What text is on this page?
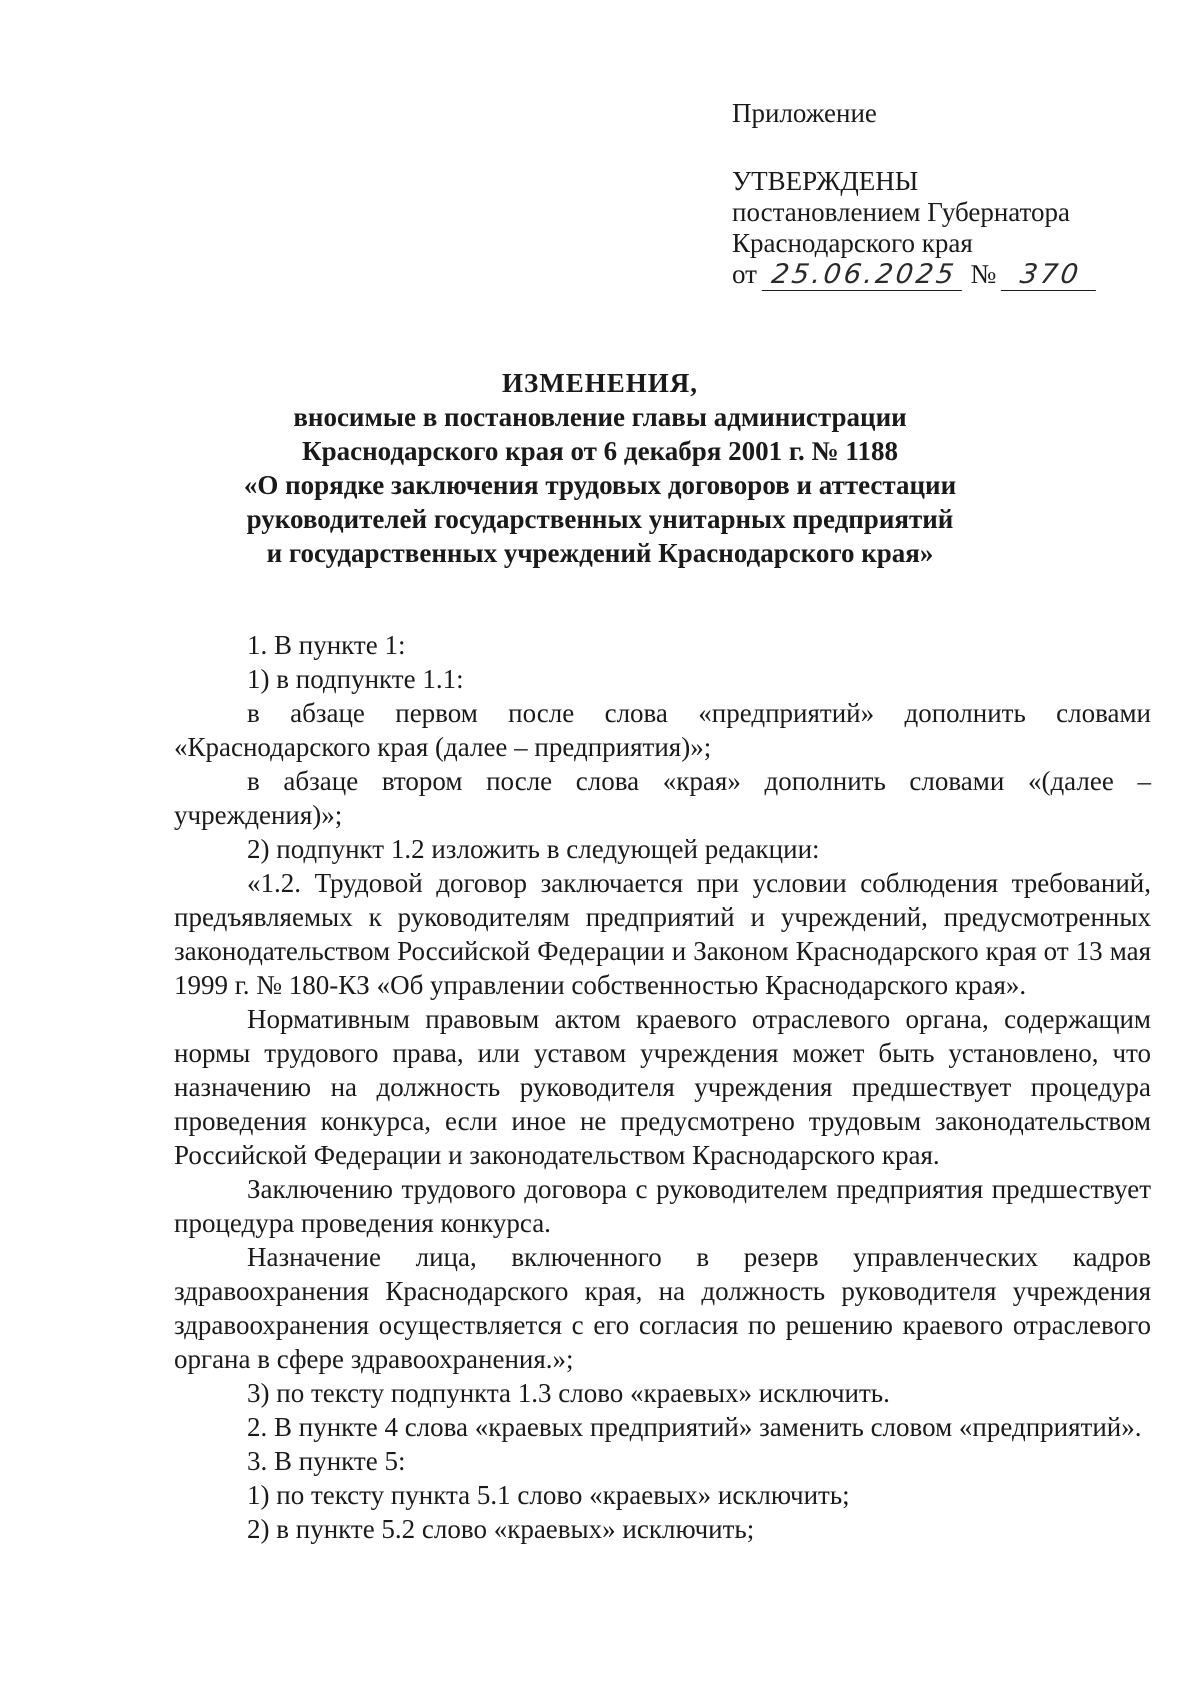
Приложение
УТВЕРЖДЕНЫ
постановлением Губернатора
Краснодарского края
от 25.06.2025 № 370
ИЗМЕНЕНИЯ,
вносимые в постановление главы администрации
Краснодарского края от 6 декабря 2001 г. № 1188
«О порядке заключения трудовых договоров и аттестации
руководителей государственных унитарных предприятий
и государственных учреждений Краснодарского края»

1. В пункте 1:

1) в подпункте 1.1:

в абзаце первом после слова «предприятий» дополнить словами «Краснодарского края (далее – предприятия)»;

в абзаце втором после слова «края» дополнить словами «(далее – учреждения)»;

2) подпункт 1.2 изложить в следующей редакции:

«1.2. Трудовой договор заключается при условии соблюдения требований, предъявляемых к руководителям предприятий и учреждений, предусмотренных законодательством Российской Федерации и Законом Краснодарского края от 13 мая 1999 г. № 180-КЗ «Об управлении собственностью Краснодарского края».

Нормативным правовым актом краевого отраслевого органа, содержащим нормы трудового права, или уставом учреждения может быть установлено, что назначению на должность руководителя учреждения предшествует процедура проведения конкурса, если иное не предусмотрено трудовым законодательством Российской Федерации и законодательством Краснодарского края.

Заключению трудового договора с руководителем предприятия предшествует процедура проведения конкурса.

Назначение лица, включенного в резерв управленческих кадров здравоохранения Краснодарского края, на должность руководителя учреждения здравоохранения осуществляется с его согласия по решению краевого отраслевого органа в сфере здравоохранения.»;

3) по тексту подпункта 1.3 слово «краевых» исключить.

2. В пункте 4 слова «краевых предприятий» заменить словом «предприятий».

3. В пункте 5:

1) по тексту пункта 5.1 слово «краевых» исключить;

2) в пункте 5.2 слово «краевых» исключить;
